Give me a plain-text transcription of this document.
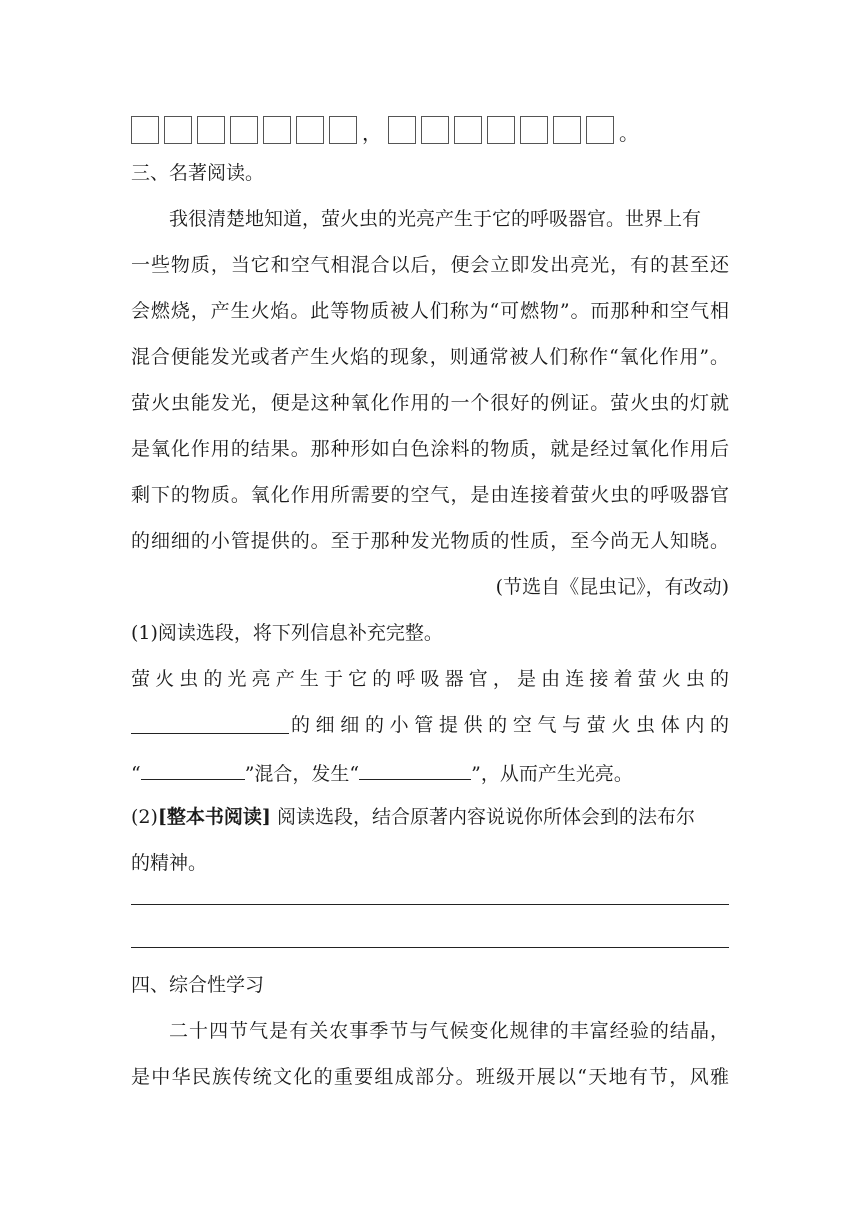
，	。
三、名著阅读。
我很清楚地知道，萤火虫的光亮产生于它的呼吸器官。世界上有
一些物质，当它和空气相混合以后，便会立即发出亮光，有的甚至还
会燃烧，产生火焰。此等物质被人们称为“可燃物”。而那种和空气相
混合便能发光或者产生火焰的现象，则通常被人们称作“氧化作用”。
萤火虫能发光，便是这种氧化作用的一个很好的例证。萤火虫的灯就
是氧化作用的结果。那种形如白色涂料的物质，就是经过氧化作用后
剩下的物质。氧化作用所需要的空气，是由连接着萤火虫的呼吸器官
的细细的小管提供的。至于那种发光物质的性质，至今尚无人知晓。
(节选自《昆虫记》，有改动)
(1)阅读选段，将下列信息补充完整。
萤火虫的光亮产生于它的呼吸器官，是由连接着萤火虫的
的细细的小管提供的空气与萤火虫体内的
“	”混合，发生“	”，从而产生光亮。
(2)[整本书阅读] 阅读选段，结合原著内容说说你所体会到的法布尔
的精神。
四、综合性学习
二十四节气是有关农事季节与气候变化规律的丰富经验的结晶，
是中华民族传统文化的重要组成部分。班级开展以“天地有节，风雅
